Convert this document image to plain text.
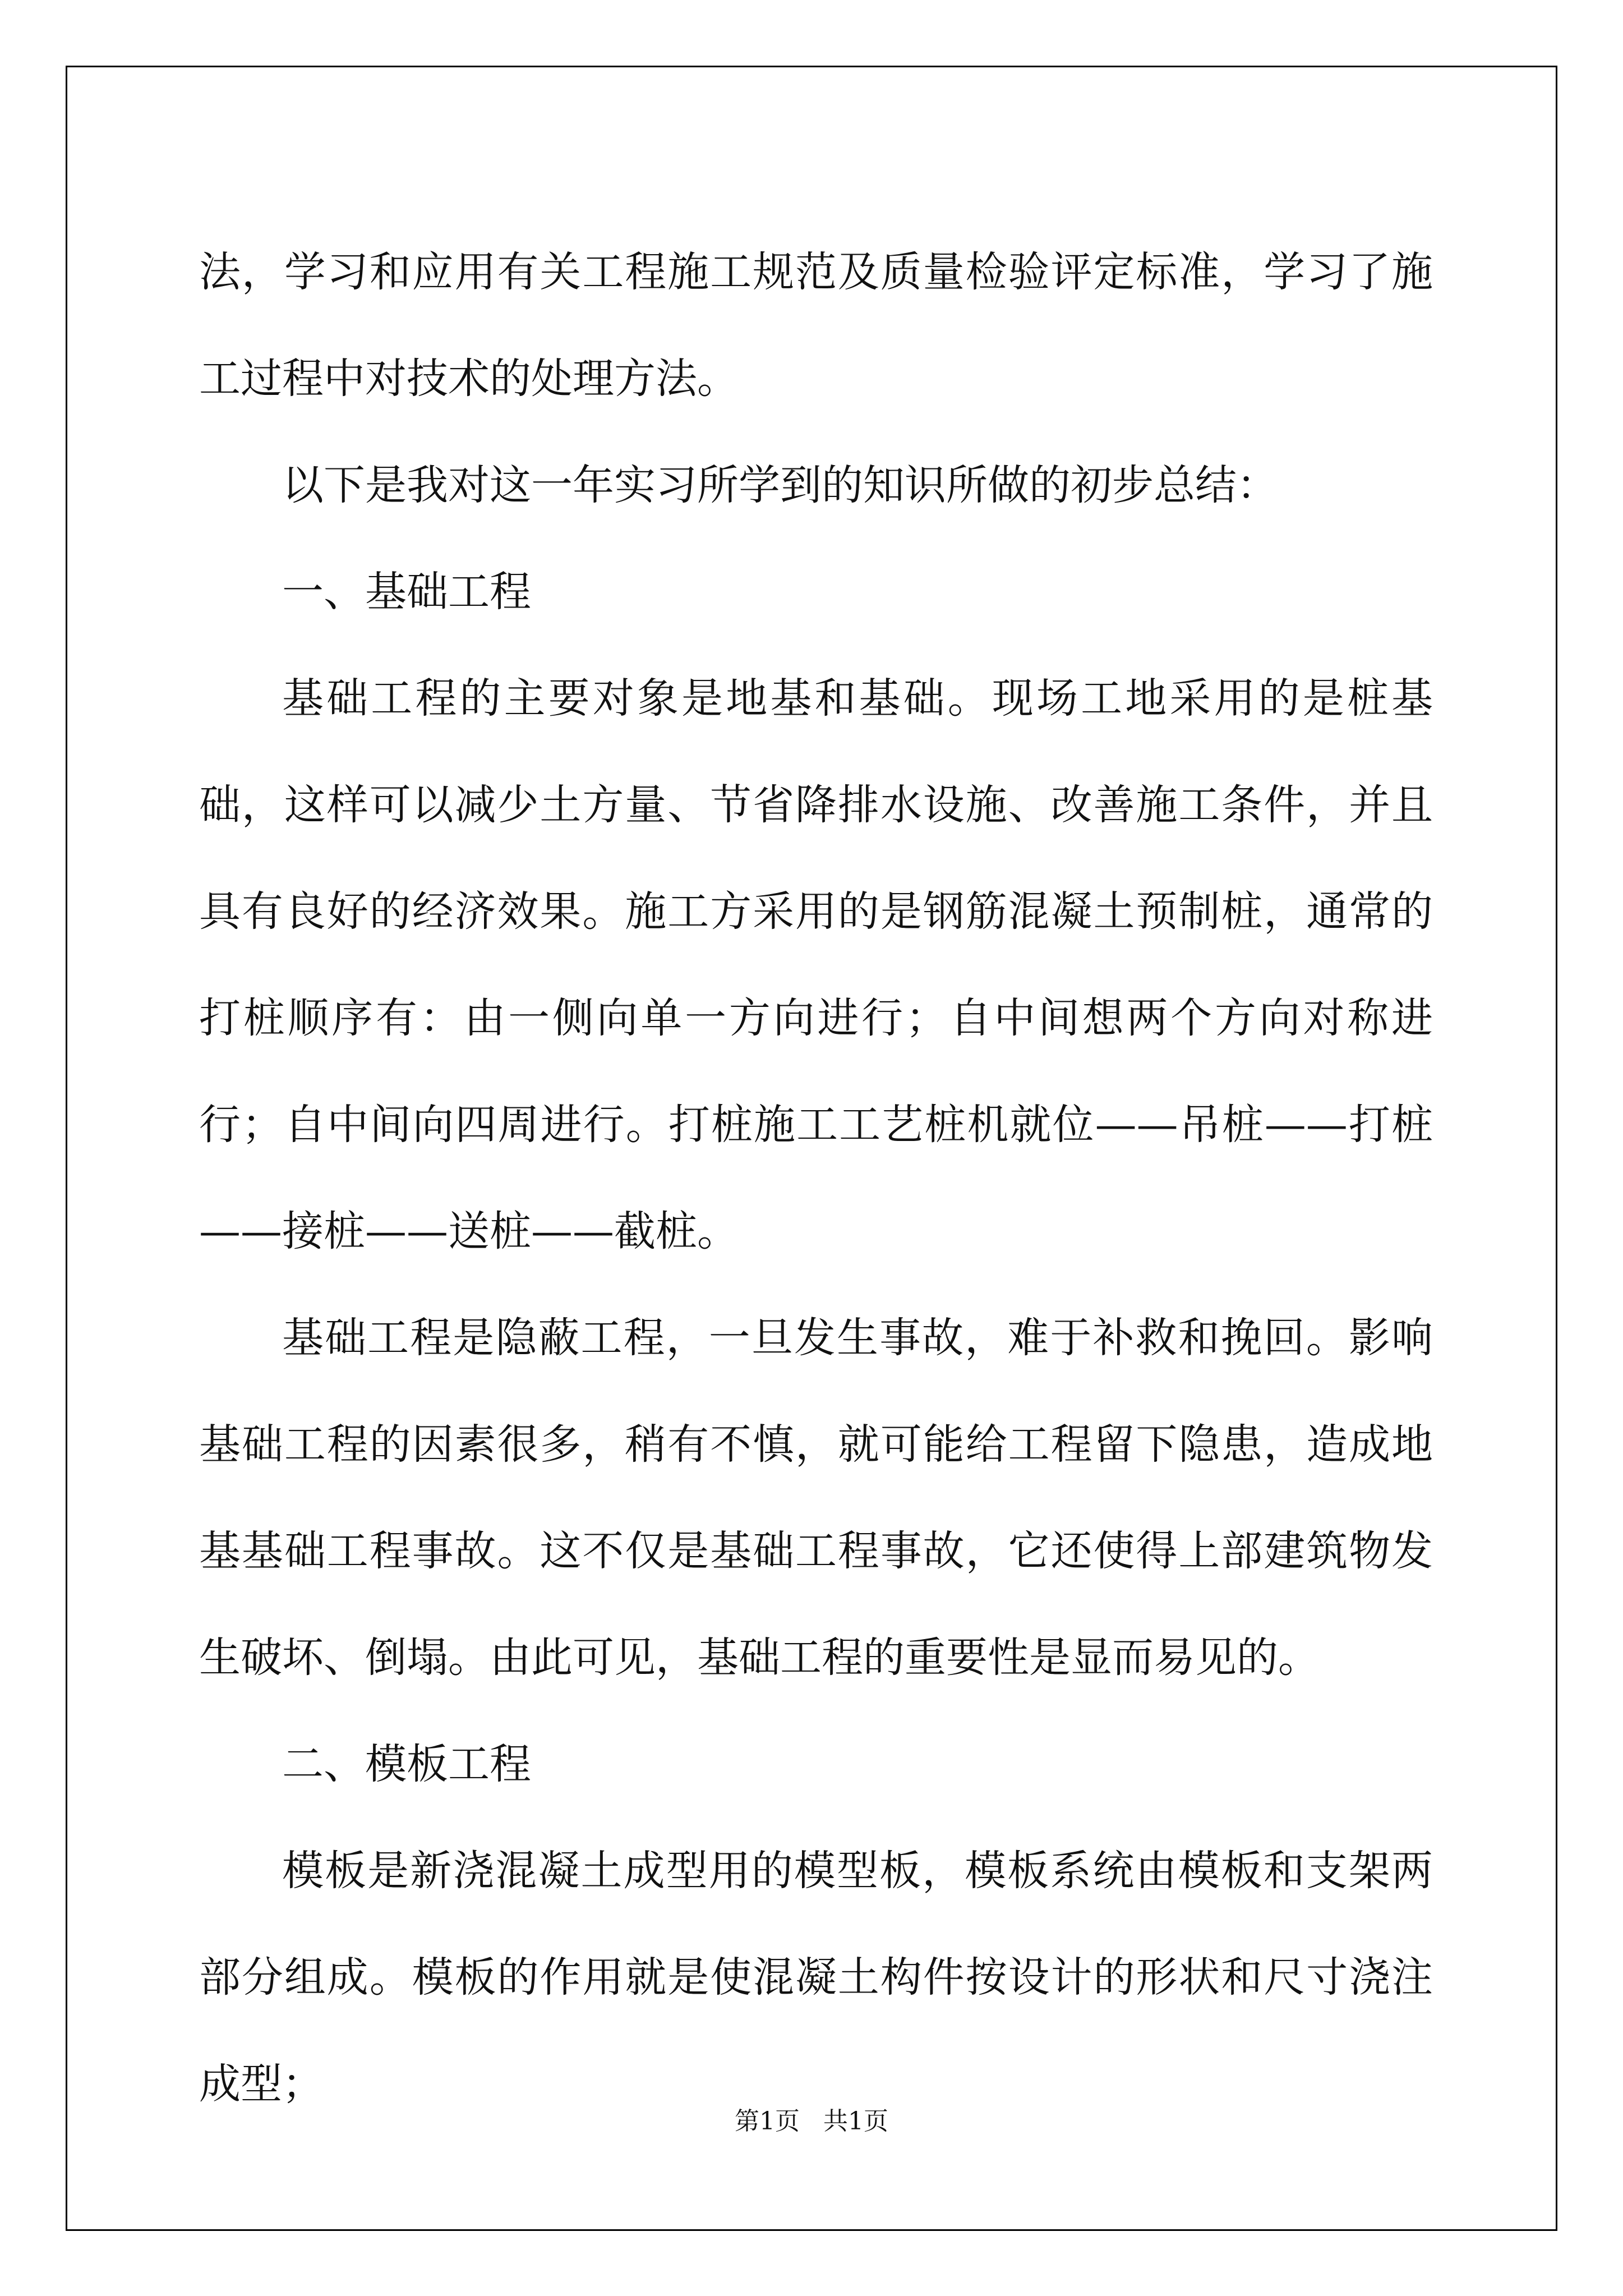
法，学习和应用有关工程施工规范及质量检验评定标准，学习了施工过程中对技术的处理方法。

以下是我对这一年实习所学到的知识所做的初步总结：

一、基础工程

基础工程的主要对象是地基和基础。现场工地采用的是桩基础，这样可以减少土方量、节省降排水设施、改善施工条件，并且具有良好的经济效果。施工方采用的是钢筋混凝土预制桩，通常的打桩顺序有：由一侧向单一方向进行；自中间想两个方向对称进行；自中间向四周进行。打桩施工工艺桩机就位——吊桩——打桩——接桩——送桩——截桩。

基础工程是隐蔽工程，一旦发生事故，难于补救和挽回。影响基础工程的因素很多，稍有不慎，就可能给工程留下隐患，造成地基基础工程事故。这不仅是基础工程事故，它还使得上部建筑物发生破坏、倒塌。由此可见，基础工程的重要性是显而易见的。

二、模板工程

模板是新浇混凝土成型用的模型板，模板系统由模板和支架两部分组成。模板的作用就是使混凝土构件按设计的形状和尺寸浇注成型；

第1页   共1页
